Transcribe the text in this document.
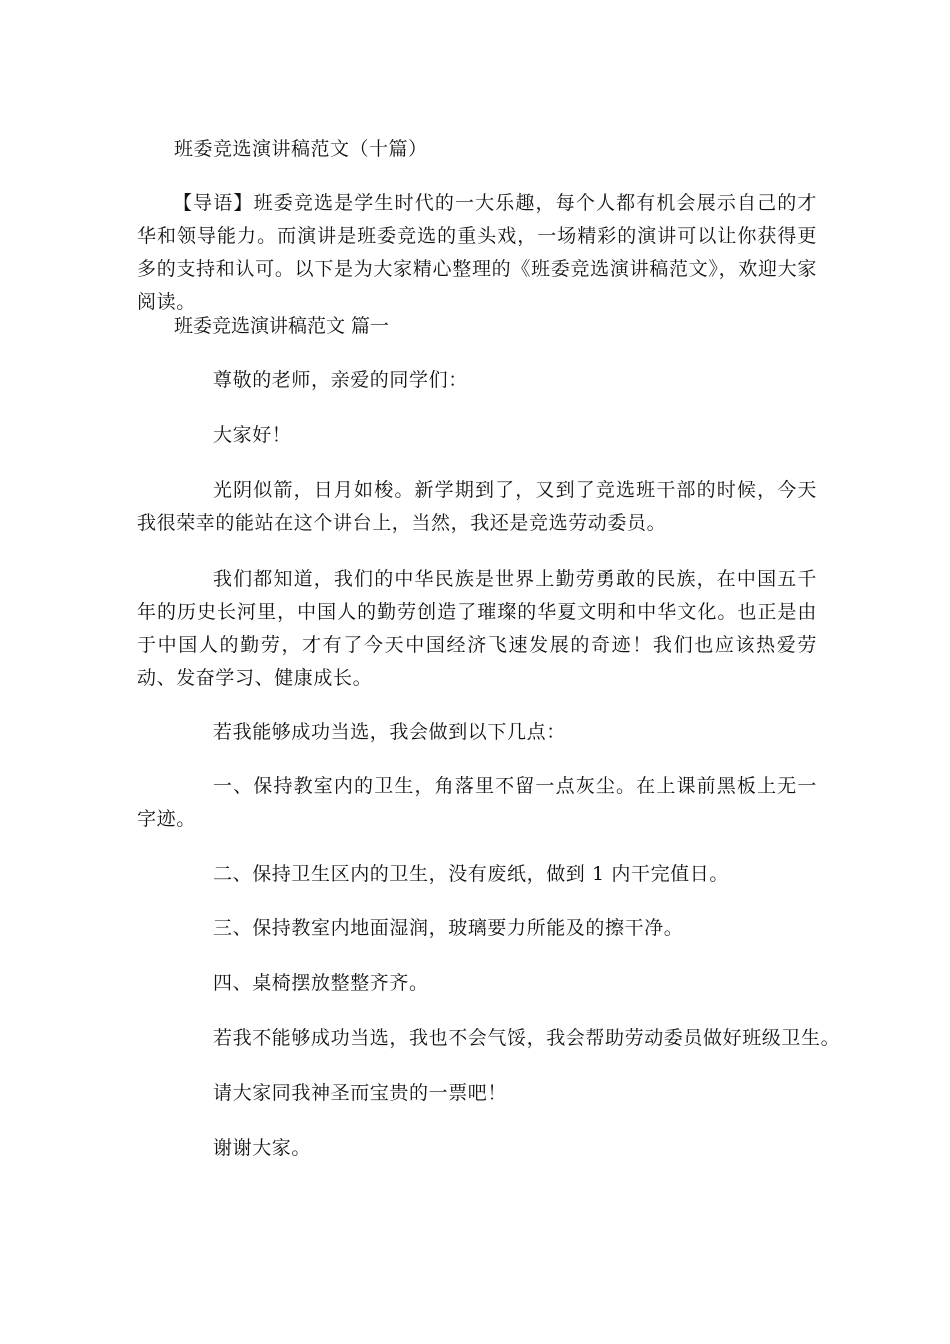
班委竞选演讲稿范文（十篇）

【导语】班委竞选是学生时代的一大乐趣，每个人都有机会展示自己的才华和领导能力。而演讲是班委竞选的重头戏，一场精彩的演讲可以让你获得更多的支持和认可。以下是为大家精心整理的《班委竞选演讲稿范文》，欢迎大家阅读。

班委竞选演讲稿范文 篇一

尊敬的老师，亲爱的同学们：

大家好！

光阴似箭，日月如梭。新学期到了，又到了竞选班干部的时候，今天我很荣幸的能站在这个讲台上，当然，我还是竞选劳动委员。

我们都知道，我们的中华民族是世界上勤劳勇敢的民族，在中国五千年的历史长河里，中国人的勤劳创造了璀璨的华夏文明和中华文化。也正是由于中国人的勤劳，才有了今天中国经济飞速发展的奇迹！我们也应该热爱劳动、发奋学习、健康成长。

若我能够成功当选，我会做到以下几点：

一、保持教室内的卫生，角落里不留一点灰尘。在上课前黑板上无一字迹。

二、保持卫生区内的卫生，没有废纸，做到 1 内干完值日。

三、保持教室内地面湿润，玻璃要力所能及的擦干净。

四、桌椅摆放整整齐齐。

若我不能够成功当选，我也不会气馁，我会帮助劳动委员做好班级卫生。

请大家同我神圣而宝贵的一票吧！

谢谢大家。
